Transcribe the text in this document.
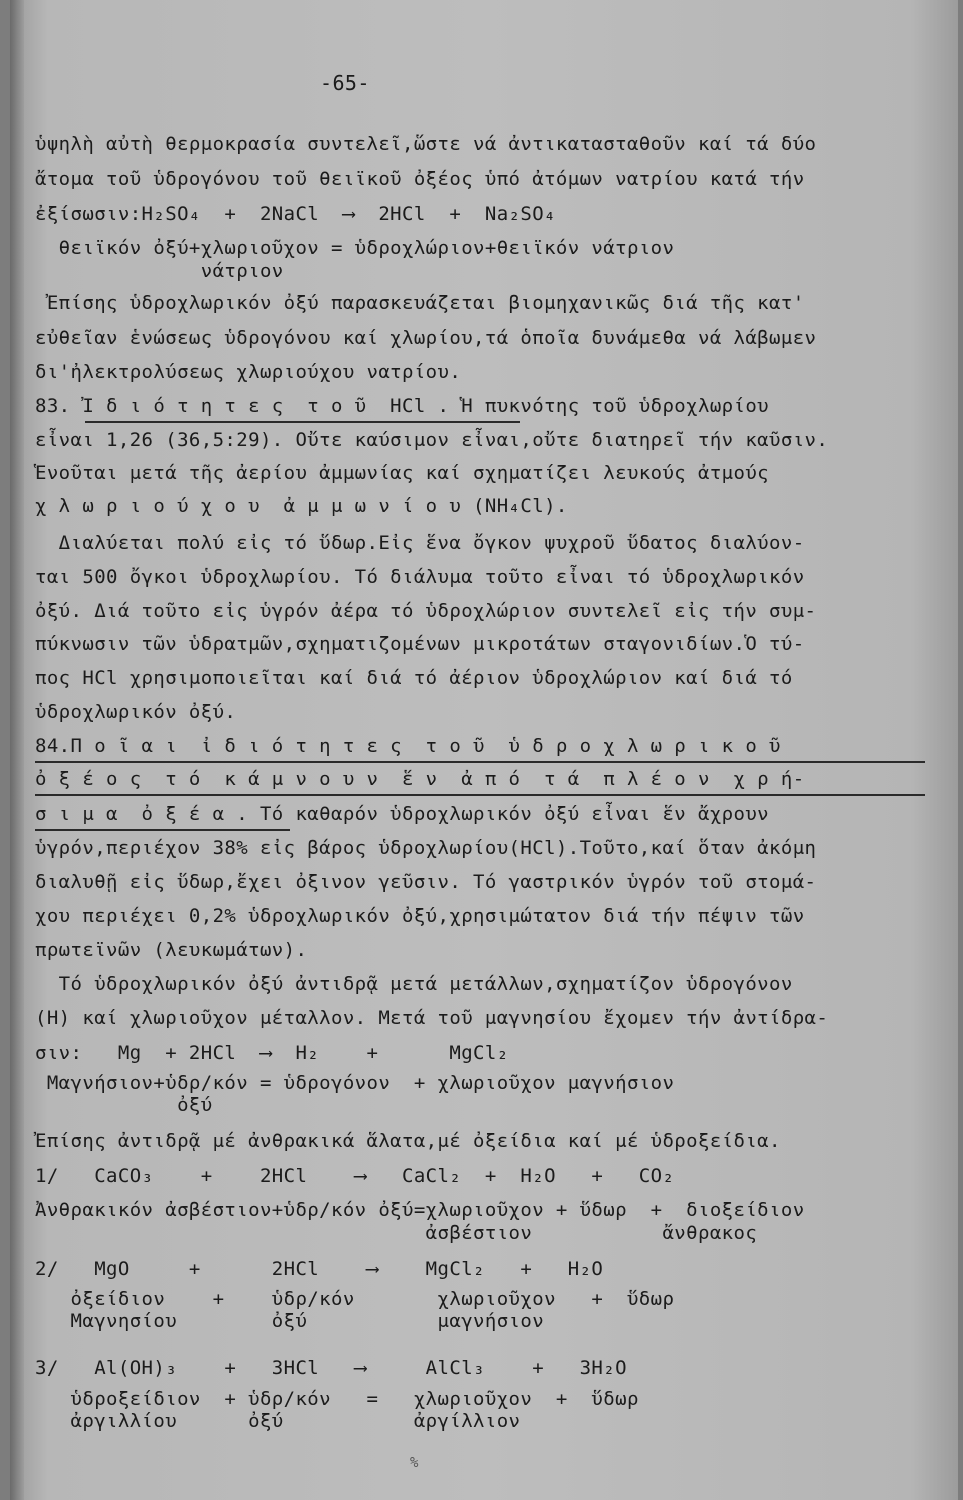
-65-
ὑψηλὴ αὐτὴ θερμοκρασία συντελεῖ,ὥστε νά ἀντικατασταθοῦν καί τά δύο
ἄτομα τοῦ ὑδρογόνου τοῦ θειϊκοῦ ὀξέος ὑπό ἀτόμων νατρίου κατά τήν
ἐξίσωσιν:H₂SO₄  +  2NaCl  ⟶  2HCl  +  Na₂SO₄
θειϊκόν ὀξύ+χλωριοῦχον = ὑδροχλώριον+θειϊκόν νάτριον
νάτριον
Ἐπίσης ὑδροχλωρικόν ὀξύ παρασκευάζεται βιομηχανικῶς διά τῆς κατ'
εὐθεῖαν ἑνώσεως ὑδρογόνου καί χλωρίου,τά ὁποῖα δυνάμεθα νά λάβωμεν
δι'ἠλεκτρολύσεως χλωριούχου νατρίου.
83. Ἰ δ ι ό τ η τ ε ς  τ ο ῦ  HCl . Ἡ πυκνότης τοῦ ὑδροχλωρίου
εἶναι 1,26 (36,5:29). Οὔτε καύσιμον εἶναι,οὔτε διατηρεῖ τήν καῦσιν.
Ἑνοῦται μετά τῆς ἀερίου ἀμμωνίας καί σχηματίζει λευκούς ἀτμούς
χ λ ω ρ ι ο ύ χ ο υ  ἀ μ μ ω ν ί ο υ (NH₄Cl).
Διαλύεται πολύ εἰς τό ὕδωρ.Εἰς ἕνα ὄγκον ψυχροῦ ὕδατος διαλύον-
ται 500 ὄγκοι ὑδροχλωρίου. Τό διάλυμα τοῦτο εἶναι τό ὑδροχλωρικόν
ὀξύ. Διά τοῦτο εἰς ὑγρόν ἀέρα τό ὑδροχλώριον συντελεῖ εἰς τήν συμ-
πύκνωσιν τῶν ὑδρατμῶν,σχηματιζομένων μικροτάτων σταγονιδίων.Ὁ τύ-
πος HCl χρησιμοποιεῖται καί διά τό ἀέριον ὑδροχλώριον καί διά τό
ὑδροχλωρικόν ὀξύ.
84.Π ο ῖ α ι  ἰ δ ι ό τ η τ ε ς  τ ο ῦ  ὑ δ ρ ο χ λ ω ρ ι κ ο ῦ
ὀ ξ έ ο ς  τ ό  κ ά μ ν ο υ ν  ἕ ν  ἀ π ό  τ ά  π λ έ ο ν  χ ρ ή-
σ ι μ α  ὀ ξ έ α . Τό καθαρόν ὑδροχλωρικόν ὀξύ εἶναι ἕν ἄχρουν
ὑγρόν,περιέχον 38% εἰς βάρος ὑδροχλωρίου(HCl).Τοῦτο,καί ὅταν ἀκόμη
διαλυθῇ εἰς ὕδωρ,ἔχει ὀξινον γεῦσιν. Τό γαστρικόν ὑγρόν τοῦ στομά-
χου περιέχει 0,2% ὑδροχλωρικόν ὀξύ,χρησιμώτατον διά τήν πέψιν τῶν
πρωτεϊνῶν (λευκωμάτων).
Τό ὑδροχλωρικόν ὀξύ ἀντιδρᾷ μετά μετάλλων,σχηματίζον ὑδρογόνον
(H) καί χλωριοῦχον μέταλλον. Μετά τοῦ μαγνησίου ἔχομεν τήν ἀντίδρα-
σιν:   Mg  + 2HCl  ⟶  H₂    +      MgCl₂
Μαγνήσιον+ὑδρ/κόν = ὑδρογόνον  + χλωριοῦχον μαγνήσιον
ὀξύ
Ἐπίσης ἀντιδρᾷ μέ ἀνθρακικά ἅλατα,μέ ὀξείδια καί μέ ὑδροξείδια.
1/   CaCO₃    +    2HCl    ⟶   CaCl₂  +  H₂O   +   CO₂
Ἀνθρακικόν ἀσβέστιον+ὑδρ/κόν ὀξύ=χλωριοῦχον + ὕδωρ  +  διοξείδιον
ἀσβέστιον           ἄνθρακος
2/   MgO     +      2HCl    ⟶    MgCl₂   +   H₂O
ὀξείδιον    +    ὑδρ/κόν       χλωριοῦχον   +  ὕδωρ
Μαγνησίου        ὀξύ           μαγνήσιον
3/   Al(OH)₃    +   3HCl   ⟶     AlCl₃    +   3H₂O
ὑδροξείδιον  + ὑδρ/κόν   =   χλωριοῦχον  +  ὕδωρ
ἀργιλλίου      ὀξύ           ἀργίλλιον
%
